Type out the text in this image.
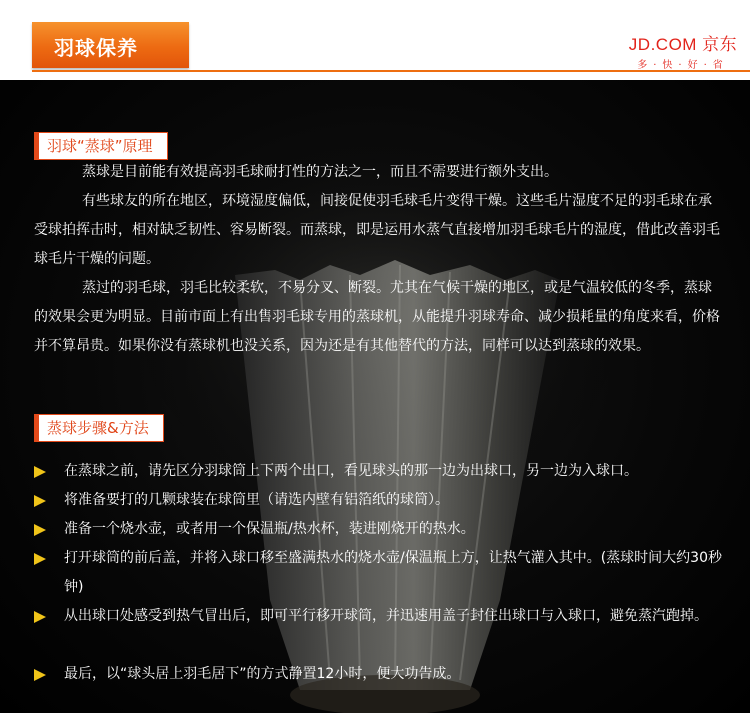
羽球保养	JD.COM 京东
多·快·好·省
羽球“蒸球”原理

蒸球是目前能有效提高羽毛球耐打性的方法之一，而且不需要进行额外支出。

有些球友的所在地区，环境湿度偏低，间接促使羽毛球毛片变得干燥。这些毛片湿度不足的羽毛球在承受球拍挥击时，相对缺乏韧性、容易断裂。而蒸球，即是运用水蒸气直接增加羽毛球毛片的湿度，借此改善羽毛球毛片干燥的问题。

蒸过的羽毛球，羽毛比较柔软，不易分叉、断裂。尤其在气候干燥的地区，或是气温较低的冬季，蒸球的效果会更为明显。目前市面上有出售羽毛球专用的蒸球机，从能提升羽球寿命、减少损耗量的角度来看，价格并不算昂贵。如果你没有蒸球机也没关系，因为还是有其他替代的方法，同样可以达到蒸球的效果。

蒸球步骤&方法
在蒸球之前，请先区分羽球筒上下两个出口，看见球头的那一边为出球口，另一边为入球口。
将准备要打的几颗球装在球筒里（请选内壁有铝箔纸的球筒）。
准备一个烧水壶，或者用一个保温瓶/热水杯，装进刚烧开的热水。
打开球筒的前后盖，并将入球口移至盛满热水的烧水壶/保温瓶上方，让热气灌入其中。(蒸球时间大约30秒钟)
从出球口处感受到热气冒出后，即可平行移开球筒，并迅速用盖子封住出球口与入球口，避免蒸汽跑掉。
最后，以“球头居上羽毛居下”的方式静置12小时，便大功告成。
